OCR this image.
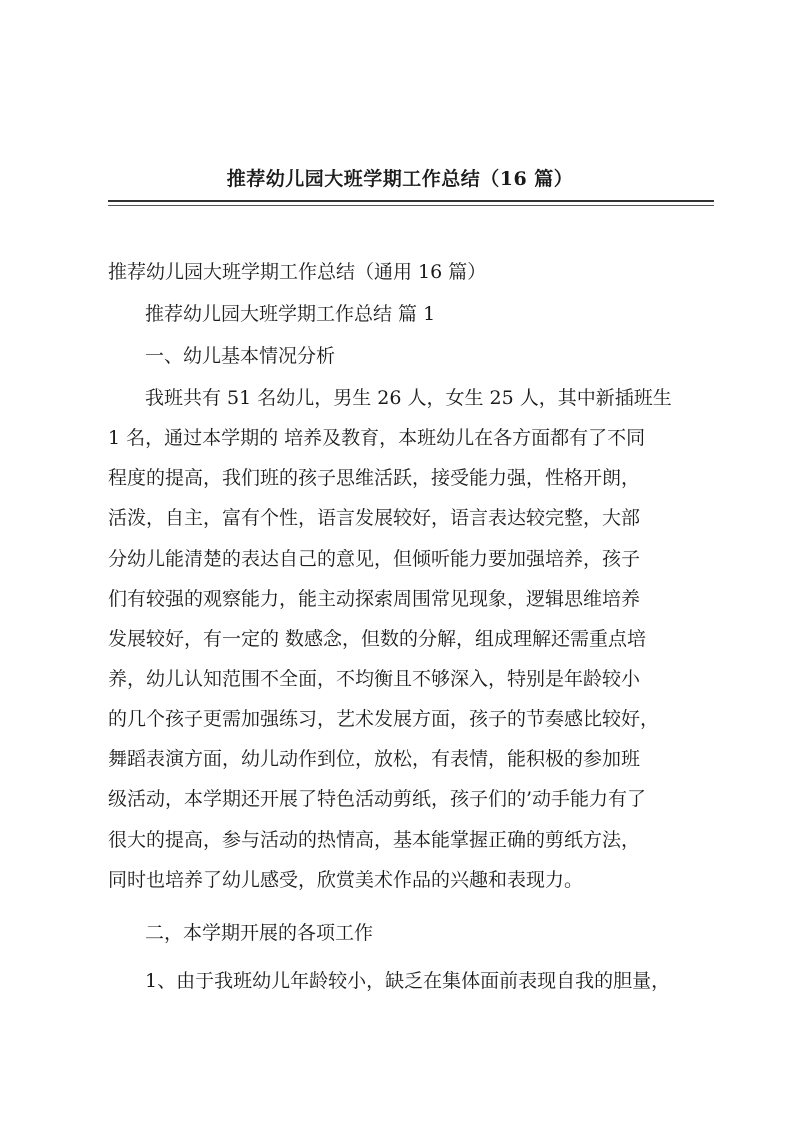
推荐幼儿园大班学期工作总结（16 篇）
推荐幼儿园大班学期工作总结（通用 16 篇）
推荐幼儿园大班学期工作总结 篇 1
一、幼儿基本情况分析
我班共有 51 名幼儿，男生 26 人，女生 25 人，其中新插班生
1 名，通过本学期的 培养及教育，本班幼儿在各方面都有了不同
程度的提高，我们班的孩子思维活跃，接受能力强，性格开朗，
活泼，自主，富有个性，语言发展较好，语言表达较完整，大部
分幼儿能清楚的表达自己的意见，但倾听能力要加强培养，孩子
们有较强的观察能力，能主动探索周围常见现象，逻辑思维培养
发展较好，有一定的 数感念，但数的分解，组成理解还需重点培
养，幼儿认知范围不全面，不均衡且不够深入，特别是年龄较小
的几个孩子更需加强练习，艺术发展方面，孩子的节奏感比较好，
舞蹈表演方面，幼儿动作到位，放松，有表情，能积极的参加班
级活动，本学期还开展了特色活动剪纸，孩子们的’动手能力有了
很大的提高，参与活动的热情高，基本能掌握正确的剪纸方法，
同时也培养了幼儿感受，欣赏美术作品的兴趣和表现力。
二，本学期开展的各项工作
1、由于我班幼儿年龄较小，缺乏在集体面前表现自我的胆量，
